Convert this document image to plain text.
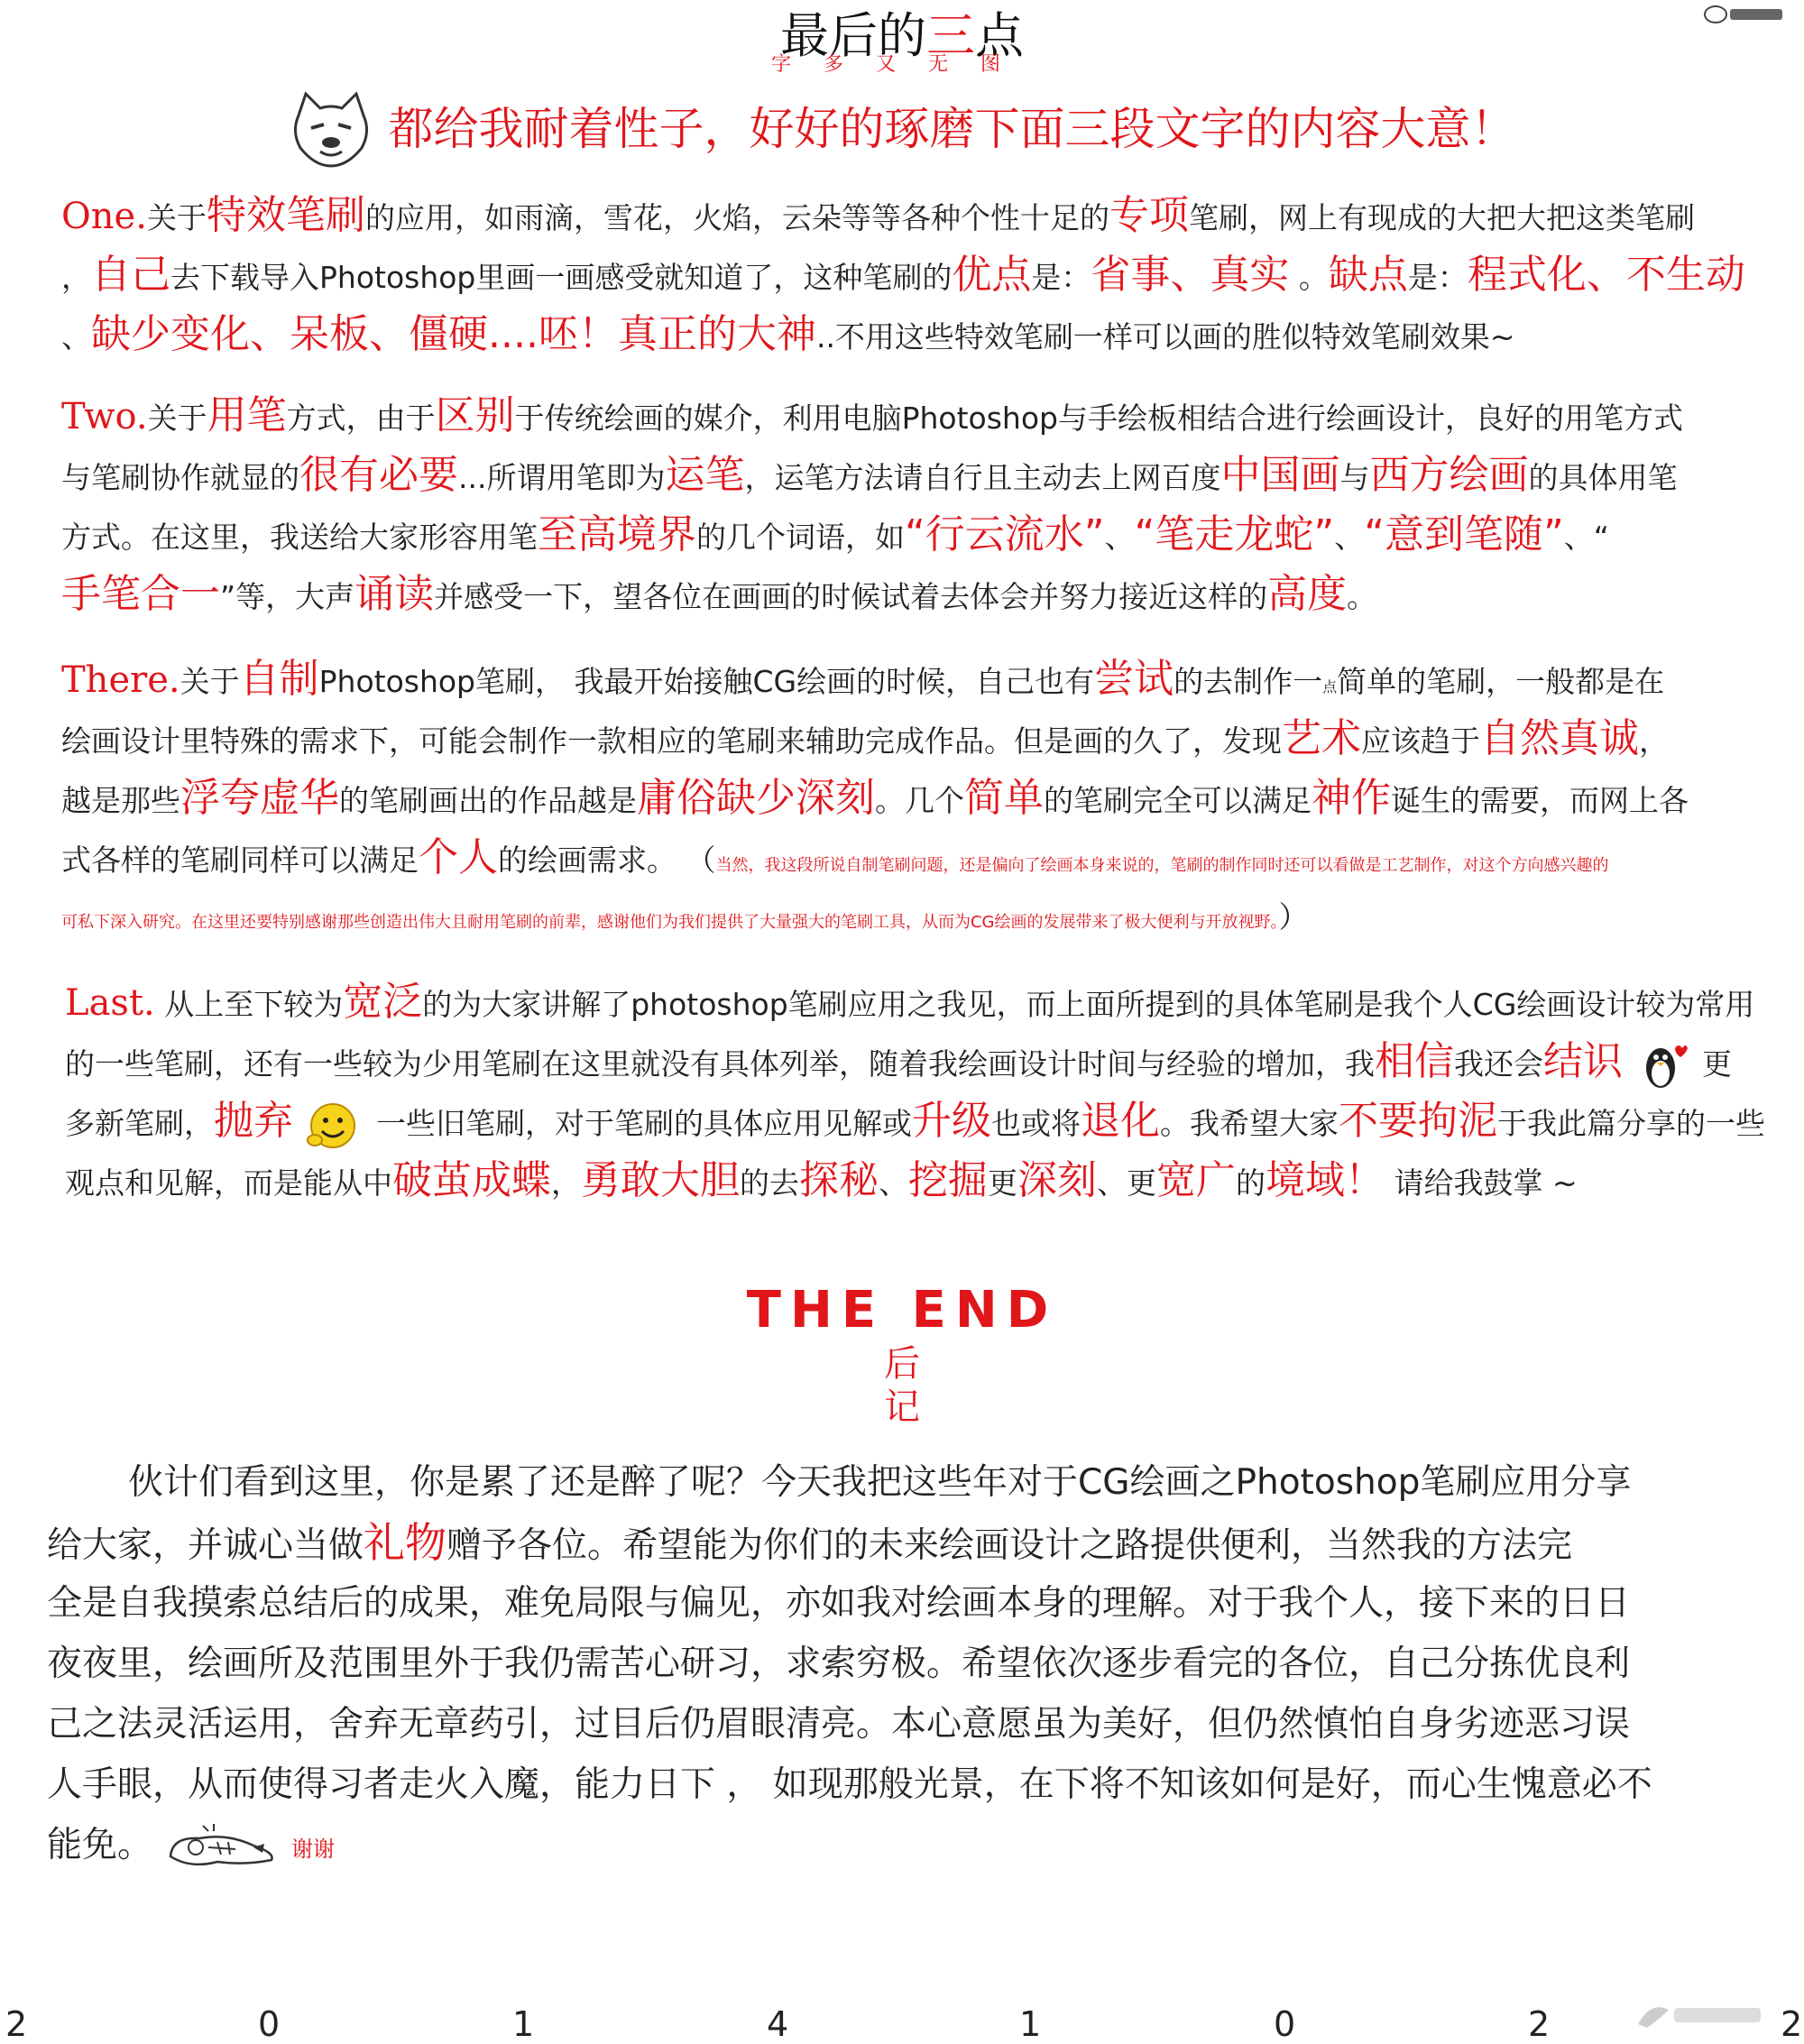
最后的三点
字多又无图
都给我耐着性子，好好的琢磨下面三段文字的内容大意！
One.关于特效笔刷的应用，如雨滴，雪花，火焰，云朵等等各种个性十足的专项笔刷，网上有现成的大把大把这类笔刷
，自己去下载导入Photoshop里画一画感受就知道了，这种笔刷的优点是：省事、真实 。缺点是：程式化、不生动
、缺少变化、呆板、僵硬....呸！真正的大神..不用这些特效笔刷一样可以画的胜似特效笔刷效果~
Two.关于用笔方式，由于区别于传统绘画的媒介，利用电脑Photoshop与手绘板相结合进行绘画设计，良好的用笔方式
与笔刷协作就显的很有必要...所谓用笔即为运笔，运笔方法请自行且主动去上网百度中国画与西方绘画的具体用笔
方式。在这里，我送给大家形容用笔至高境界的几个词语，如“行云流水”、“笔走龙蛇”、“意到笔随”、“
手笔合一”等，大声诵读并感受一下，望各位在画画的时候试着去体会并努力接近这样的高度。
There.关于自制Photoshop笔刷， 我最开始接触CG绘画的时候，自己也有尝试的去制作一点简单的笔刷，一般都是在
绘画设计里特殊的需求下，可能会制作一款相应的笔刷来辅助完成作品。但是画的久了，发现艺术应该趋于自然真诚，
越是那些浮夸虚华的笔刷画出的作品越是庸俗缺少深刻。几个简单的笔刷完全可以满足神作诞生的需要，而网上各
式各样的笔刷同样可以满足个人的绘画需求。 （当然，我这段所说自制笔刷问题，还是偏向了绘画本身来说的，笔刷的制作同时还可以看做是工艺制作，对这个方向感兴趣的
可私下深入研究。在这里还要特别感谢那些创造出伟大且耐用笔刷的前辈，感谢他们为我们提供了大量强大的笔刷工具，从而为CG绘画的发展带来了极大便利与开放视野。）
Last. 从上至下较为宽泛的为大家讲解了photoshop笔刷应用之我见，而上面所提到的具体笔刷是我个人CG绘画设计较为常用
的一些笔刷，还有一些较为少用笔刷在这里就没有具体列举，随着我绘画设计时间与经验的增加，我相信我还会结识	更
多新笔刷，抛弃	一些旧笔刷，对于笔刷的具体应用见解或升级也或将退化。我希望大家不要拘泥于我此篇分享的一些
观点和见解，而是能从中破茧成蝶，勇敢大胆的去探秘、挖掘更深刻、更宽广的境域！ 请给我鼓掌 ~
THE END
后
记
伙计们看到这里，你是累了还是醉了呢？今天我把这些年对于CG绘画之Photoshop笔刷应用分享
给大家，并诚心当做礼物赠予各位。希望能为你们的未来绘画设计之路提供便利，当然我的方法完
全是自我摸索总结后的成果，难免局限与偏见，亦如我对绘画本身的理解。对于我个人，接下来的日日
夜夜里，绘画所及范围里外于我仍需苦心研习，求索穷极。希望依次逐步看完的各位，自己分拣优良利
己之法灵活运用，舍弃无章药引，过目后仍眉眼清亮。本心意愿虽为美好，但仍然慎怕自身劣迹恶习误
人手眼，从而使得习者走火入魔，能力日下 ， 如现那般光景，在下将不知该如何是好，而心生愧意必不
能免。	谢谢
2	0	1	4	1	0	2	2
